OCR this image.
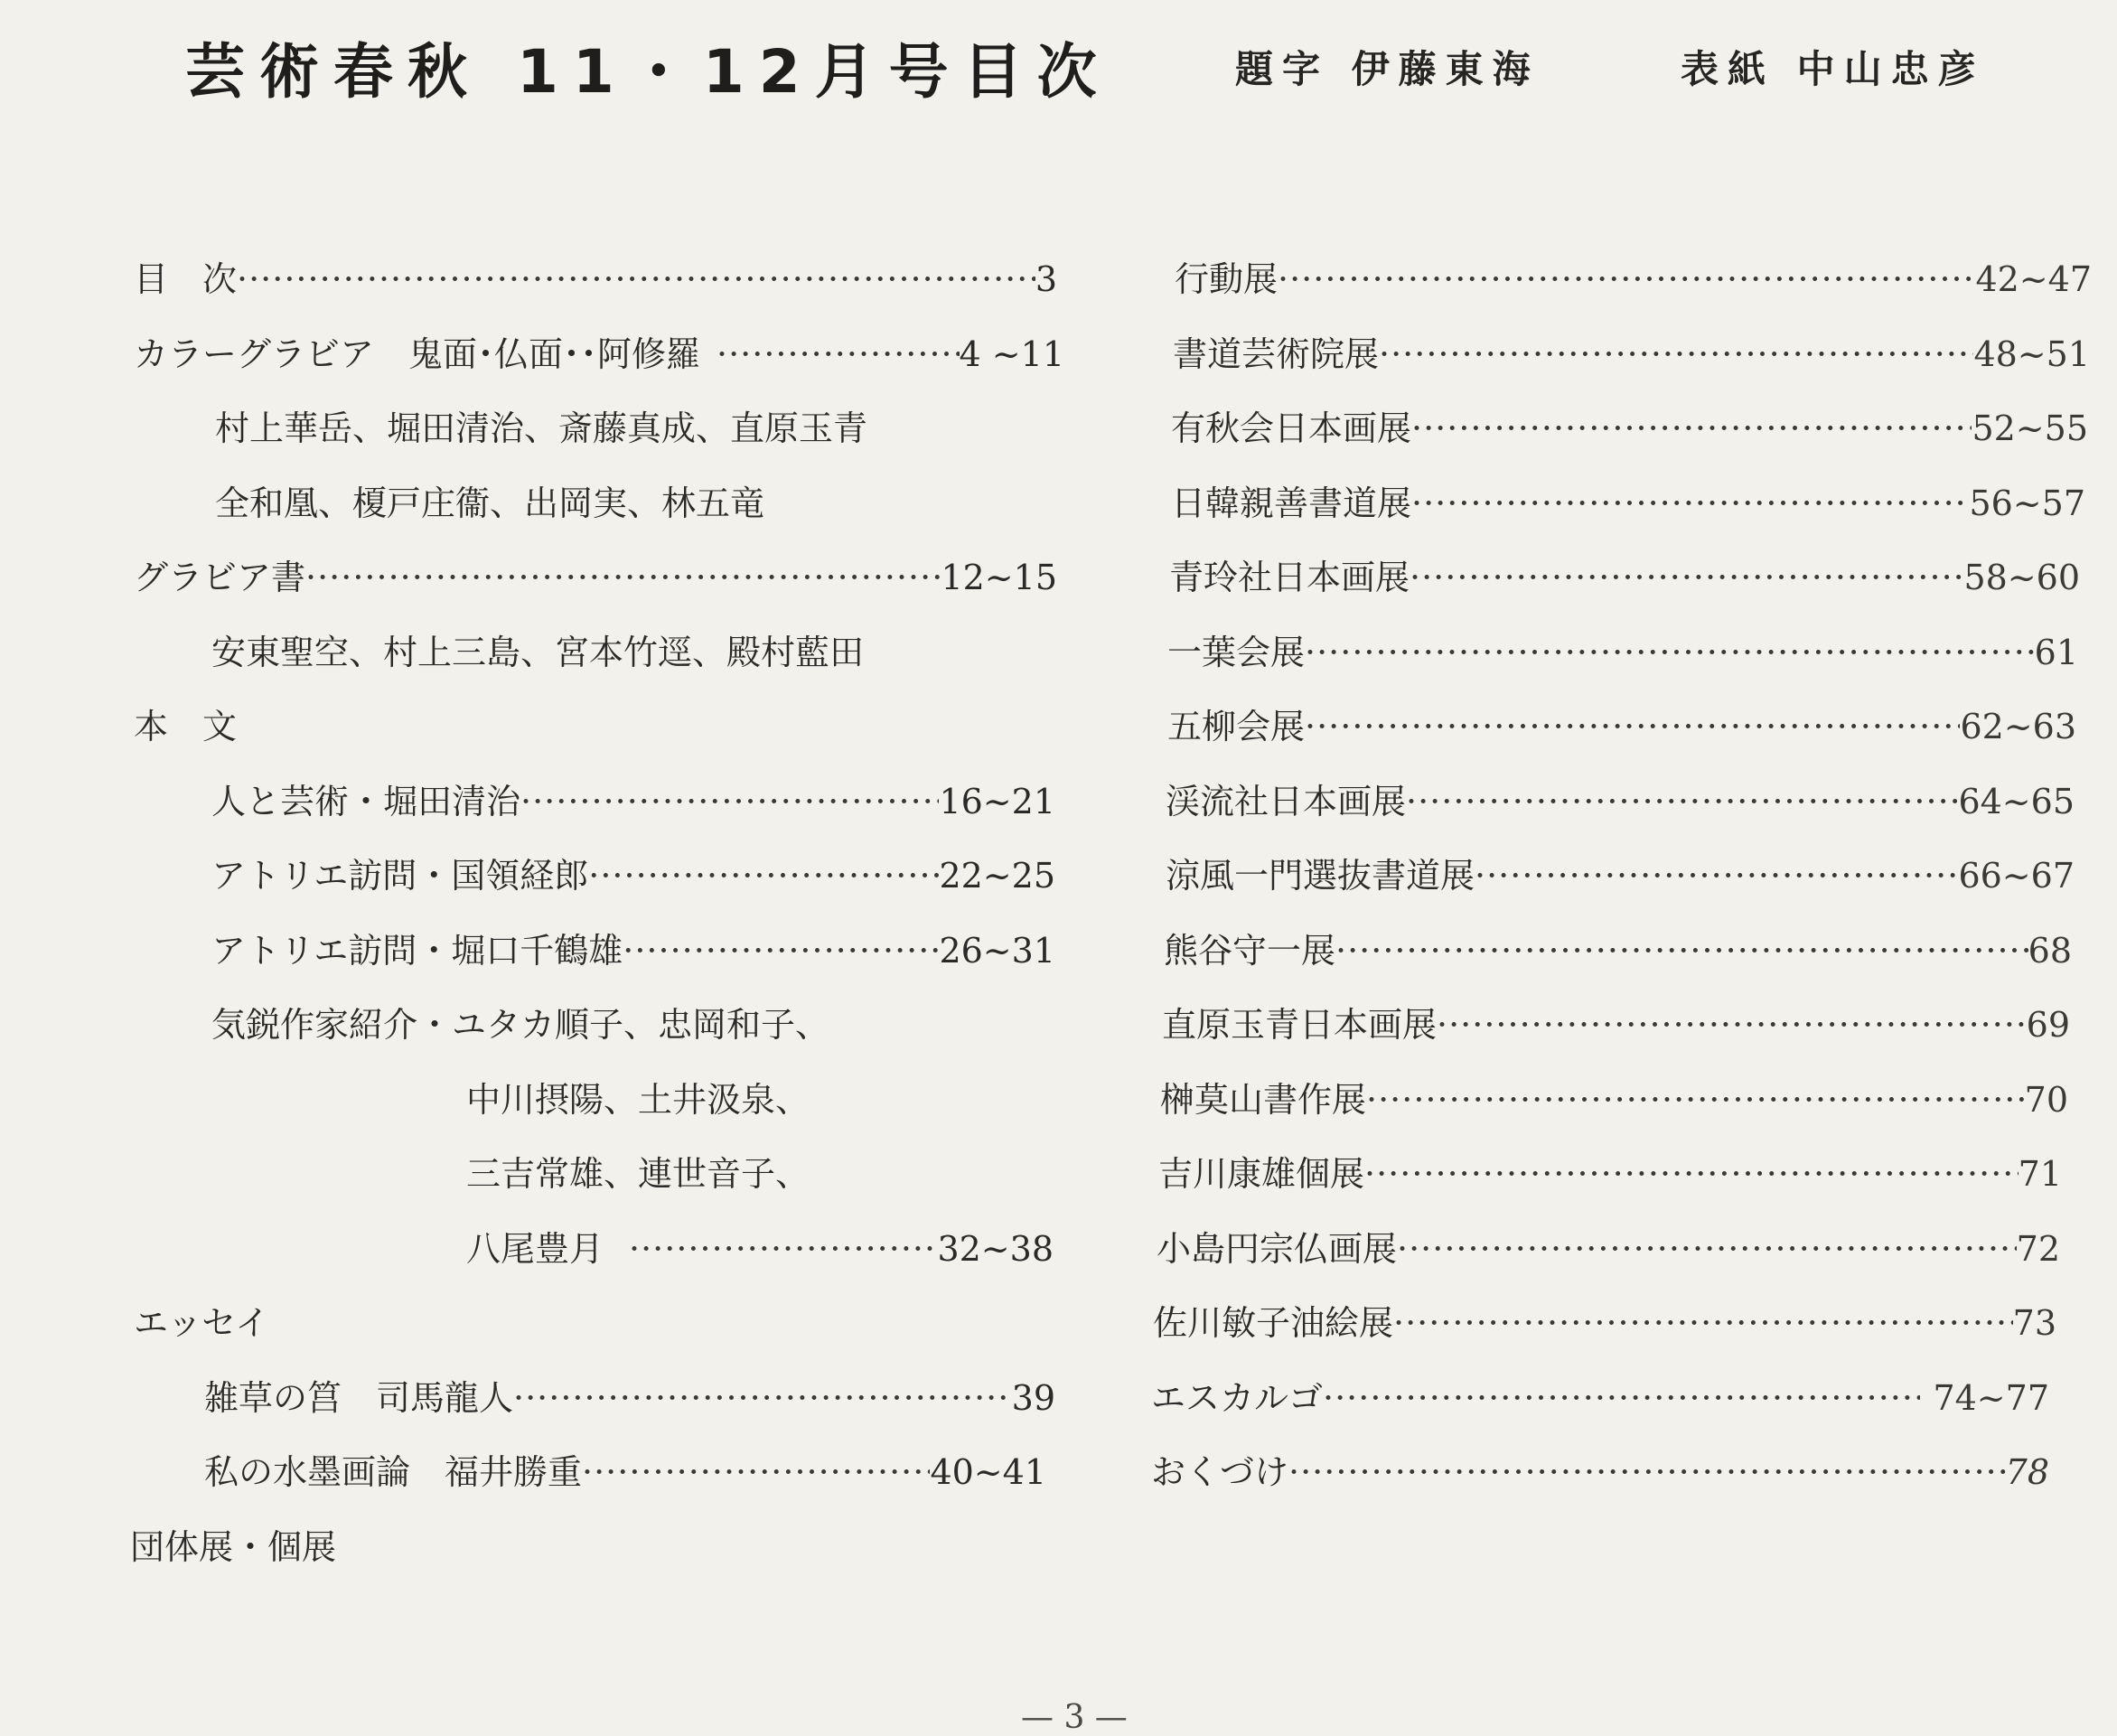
芸術春秋 11・12月号目次	題字 伊藤東海	表紙 中山忠彦
目　次 ·····	3
カラーグラビア　鬼面･仏面･･阿修羅 ·····	4 ~11
村上華岳、堀田清治、斎藤真成、直原玉青
全和凰、榎戸庄衞、出岡実、林五竜
グラビア書 ·····	12~15
安東聖空、村上三島、宮本竹逕、殿村藍田
本　文
人と芸術・堀田清治 ·····	16~21
アトリエ訪問・国領経郎 ·····	22~25
アトリエ訪問・堀口千鶴雄 ·····	26~31
気鋭作家紹介・ユタカ順子、忠岡和子、
中川摂陽、土井汲泉、
三吉常雄、連世音子、
八尾豊月 ·····	32~38
エッセイ
雑草の筥　司馬龍人 ·····	39
私の水墨画論　福井勝重 ·····	40~41
団体展・個展
行動展 ·····	42~47
書道芸術院展 ·····	48~51
有秋会日本画展 ·····	52~55
日韓親善書道展 ·····	56~57
青玲社日本画展 ·····	58~60
一葉会展 ·····	61
五柳会展 ·····	62~63
渓流社日本画展 ·····	64~65
涼風一門選抜書道展 ·····	66~67
熊谷守一展 ·····	68
直原玉青日本画展 ·····	69
榊莫山書作展 ·····	70
吉川康雄個展 ·····	71
小島円宗仏画展 ·····	72
佐川敏子油絵展 ·····	73
エスカルゴ ·····	74~77
おくづけ ·····	78
— 3 —
